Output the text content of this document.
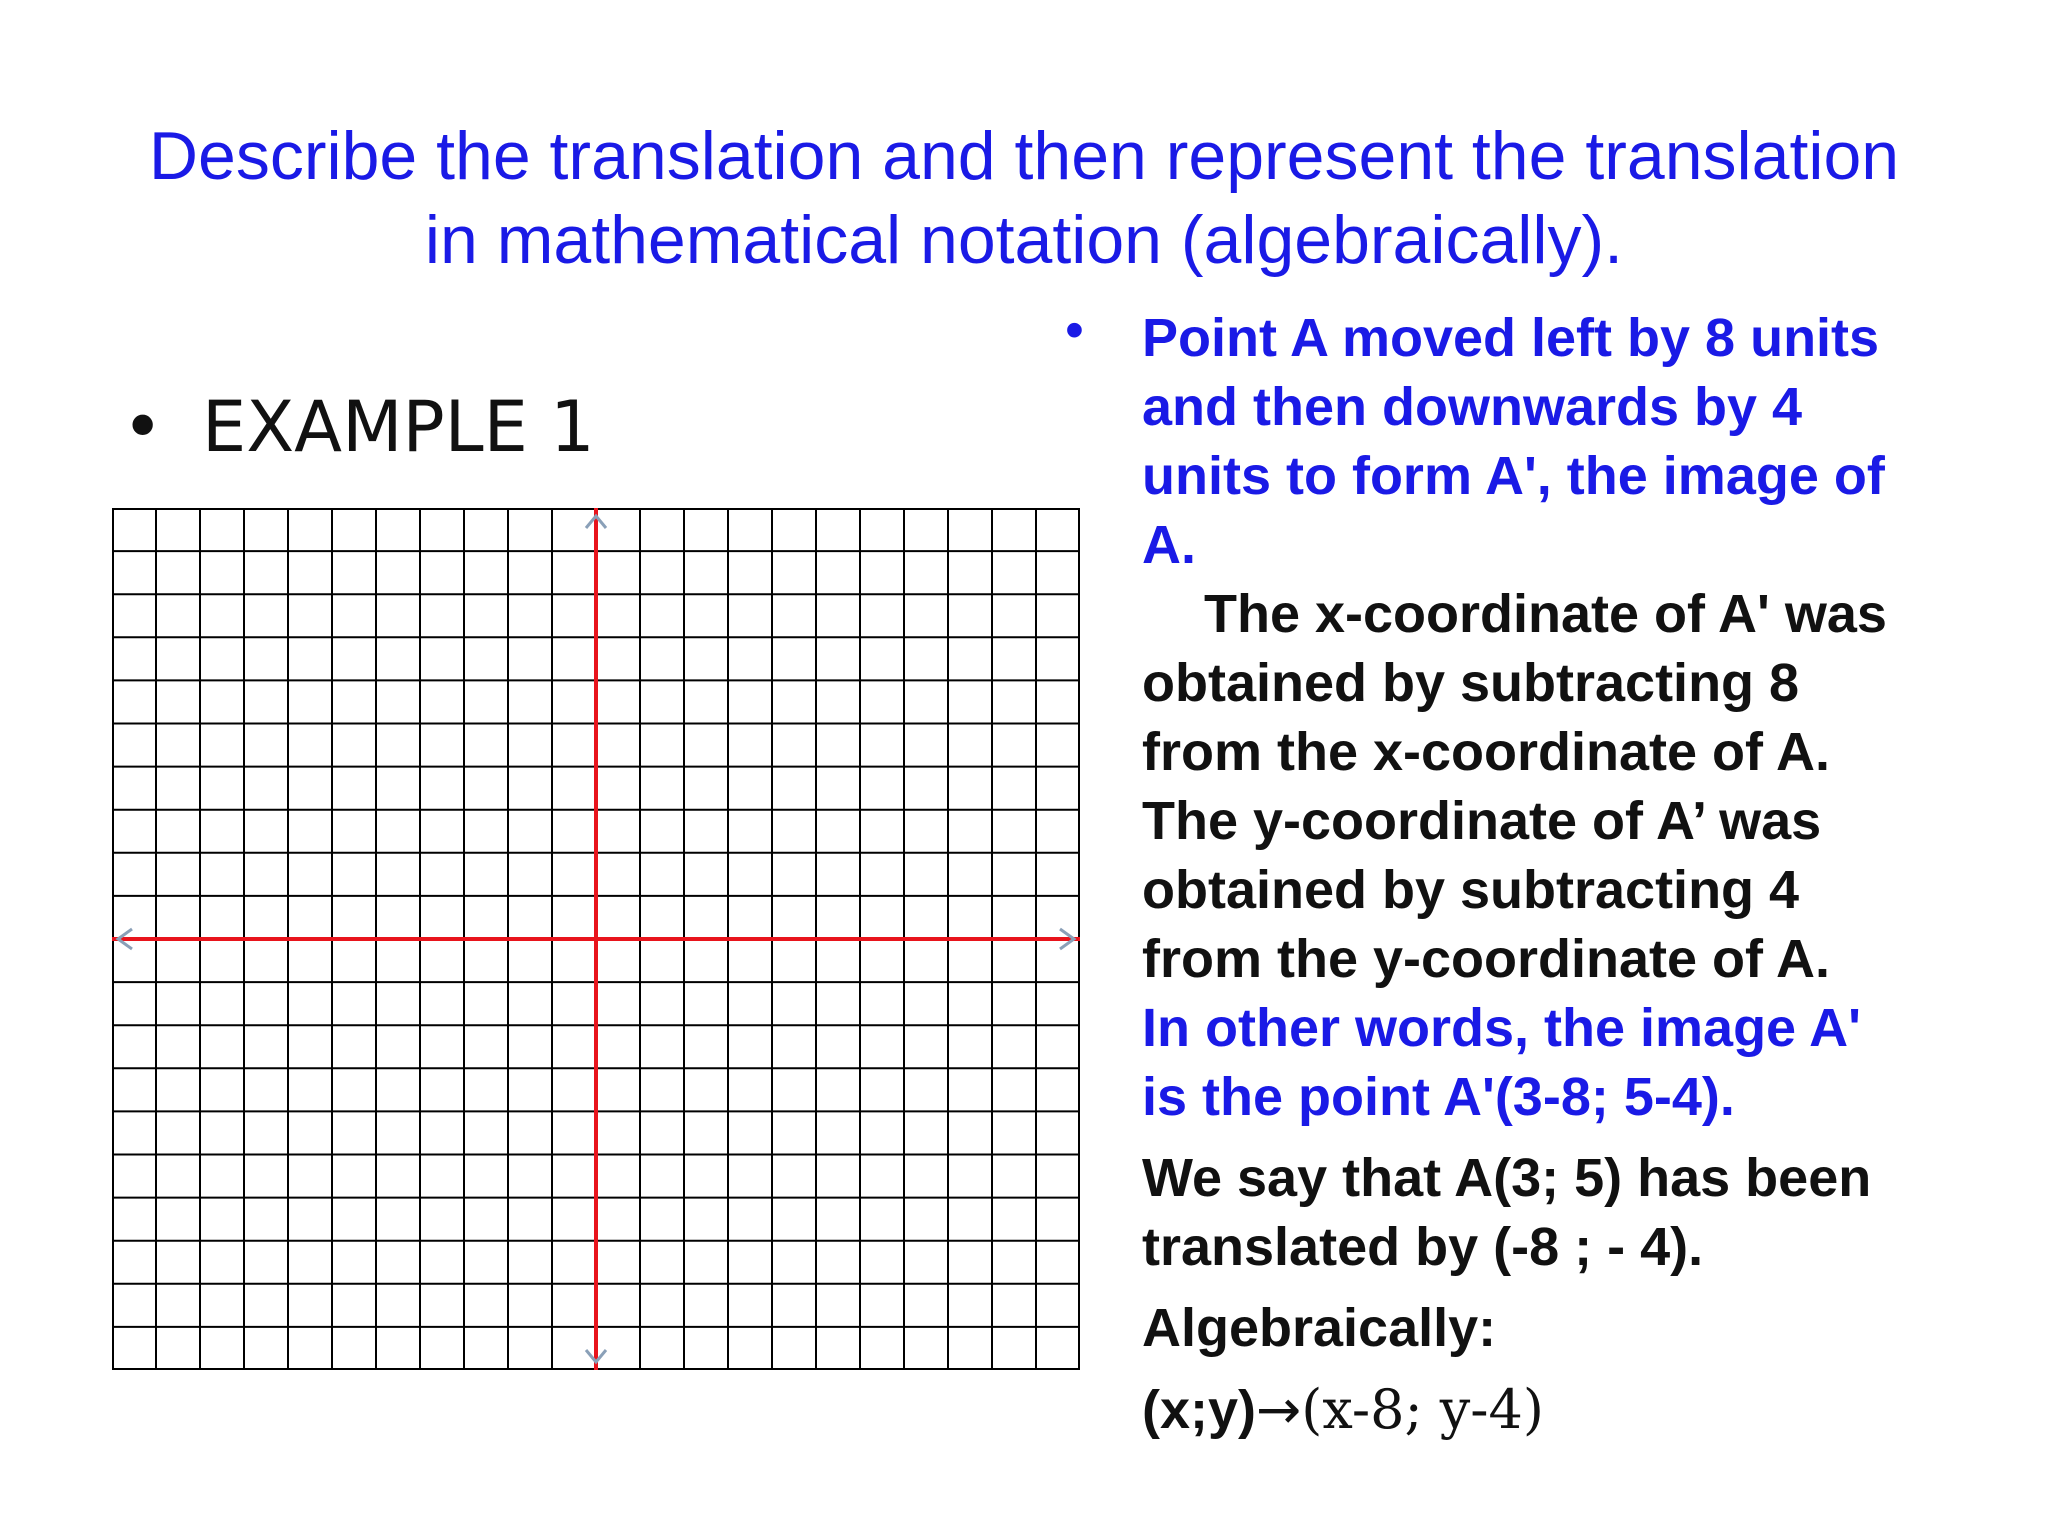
Describe the translation and then represent the translation
in mathematical notation (algebraically).
• EXAMPLE 1
• Point A moved left by 8 units
and then downwards by 4
units to form A', the image of
A.

The x-coordinate of A' was
obtained by subtracting 8
from the x-coordinate of A.
The y-coordinate of A’ was
obtained by subtracting 4
from the y-coordinate of A.

In other words, the image A'
is the point A'(3-8; 5-4).

We say that A(3; 5) has been
translated by (-8 ; - 4).

Algebraically:

(x;y)→(x-8; y-4)
